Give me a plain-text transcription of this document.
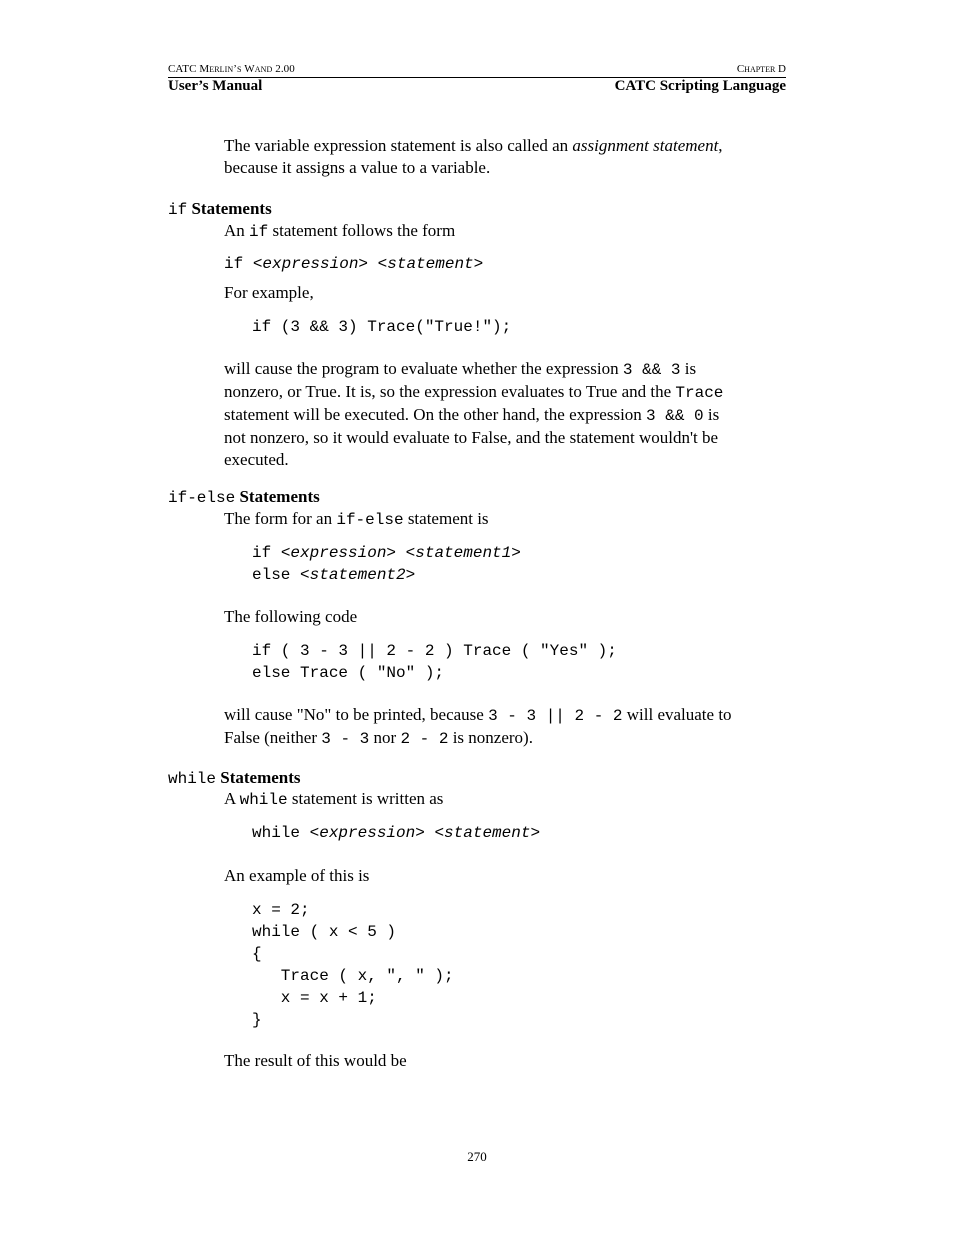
CATC Merlin’s Wand 2.00	Chapter D
User’s Manual	CATC Scripting Language
The variable expression statement is also called an assignment statement,
because it assigns a value to a variable.
if Statements
An if statement follows the form
if <expression> <statement>
For example,
if (3 && 3) Trace("True!");
will cause the program to evaluate whether the expression 3 && 3 is
nonzero, or True. It is, so the expression evaluates to True and the Trace
statement will be executed. On the other hand, the expression 3 && 0 is
not nonzero, so it would evaluate to False, and the statement wouldn't be
executed.
if-else Statements
The form for an if-else statement is
if <expression> <statement1>
else <statement2>
The following code
if ( 3 - 3 || 2 - 2 ) Trace ( "Yes" );
else Trace ( "No" );
will cause "No" to be printed, because 3 - 3 || 2 - 2 will evaluate to
False (neither 3 - 3 nor 2 - 2 is nonzero).
while Statements
A while statement is written as
while <expression> <statement>
An example of this is
x = 2;
while ( x < 5 )
{
Trace ( x, ", " );
x = x + 1;
}
The result of this would be
270
